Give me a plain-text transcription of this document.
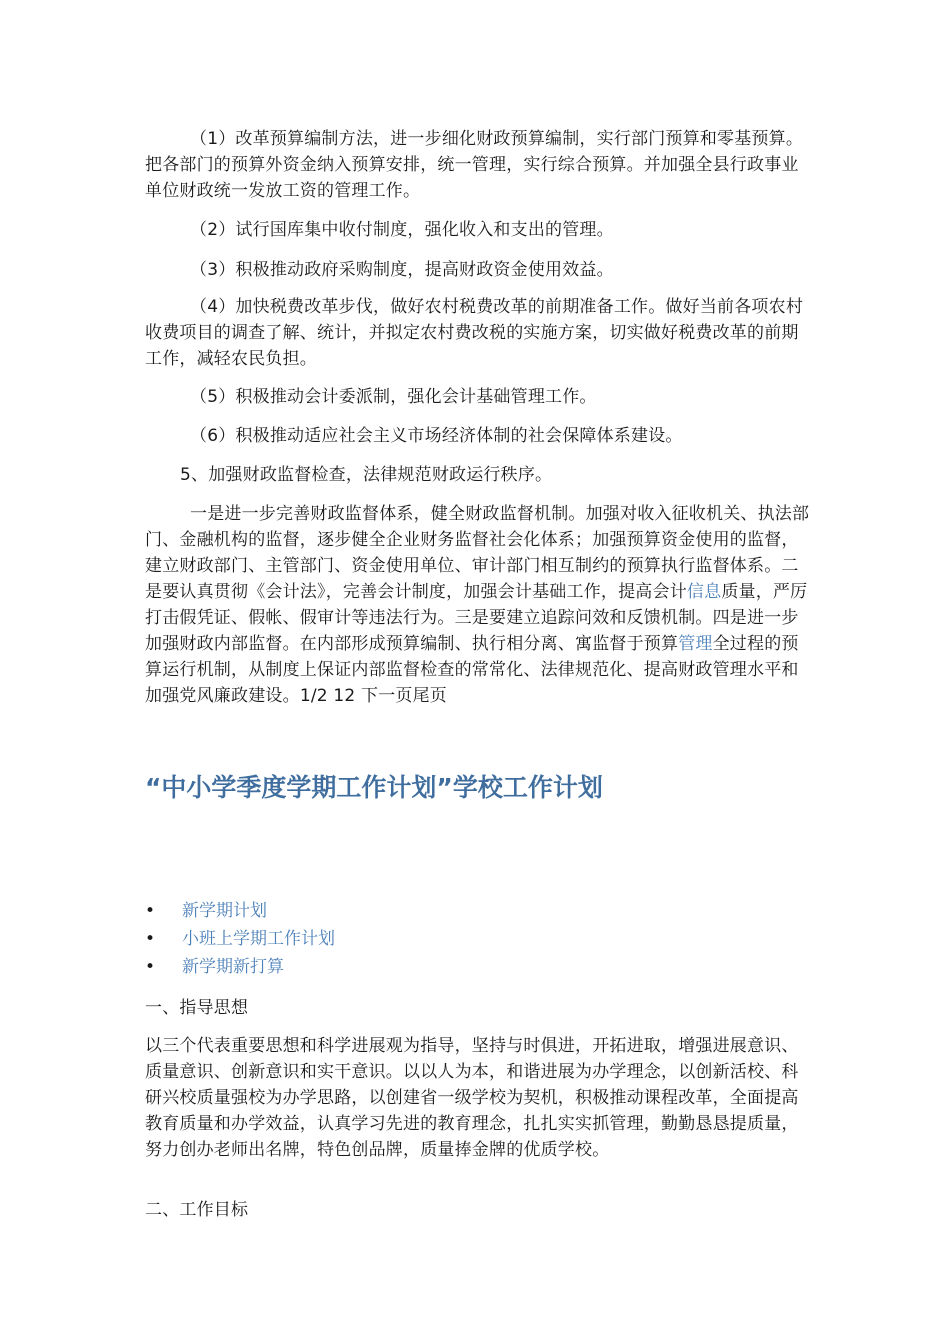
（1）改革预算编制方法，进一步细化财政预算编制，实行部门预算和零基预算。把各部门的预算外资金纳入预算安排，统一管理，实行综合预算。并加强全县行政事业单位财政统一发放工资的管理工作。

（2）试行国库集中收付制度，强化收入和支出的管理。

（3）积极推动政府采购制度，提高财政资金使用效益。

（4）加快税费改革步伐，做好农村税费改革的前期准备工作。做好当前各项农村收费项目的调查了解、统计，并拟定农村费改税的实施方案，切实做好税费改革的前期工作，减轻农民负担。

（5）积极推动会计委派制，强化会计基础管理工作。

（6）积极推动适应社会主义市场经济体制的社会保障体系建设。

5、加强财政监督检查，法律规范财政运行秩序。

一是进一步完善财政监督体系，健全财政监督机制。加强对收入征收机关、执法部门、金融机构的监督，逐步健全企业财务监督社会化体系；加强预算资金使用的监督，建立财政部门、主管部门、资金使用单位、审计部门相互制约的预算执行监督体系。二是要认真贯彻《会计法》，完善会计制度，加强会计基础工作，提高会计信息质量，严厉打击假凭证、假帐、假审计等违法行为。三是要建立追踪问效和反馈机制。四是进一步加强财政内部监督。在内部形成预算编制、执行相分离、寓监督于预算管理全过程的预算运行机制，从制度上保证内部监督检查的常常化、法律规范化、提高财政管理水平和加强党风廉政建设。1/2 12 下一页尾页

“中小学季度学期工作计划”学校工作计划
• 新学期计划
• 小班上学期工作计划
• 新学期新打算

一、指导思想

以三个代表重要思想和科学进展观为指导，坚持与时俱进，开拓进取，增强进展意识、质量意识、创新意识和实干意识。以以人为本，和谐进展为办学理念，以创新活校、科研兴校质量强校为办学思路，以创建省一级学校为契机，积极推动课程改革，全面提高教育质量和办学效益，认真学习先进的教育理念，扎扎实实抓管理，勤勤恳恳提质量，努力创办老师出名牌，特色创品牌，质量捧金牌的优质学校。

二、工作目标
